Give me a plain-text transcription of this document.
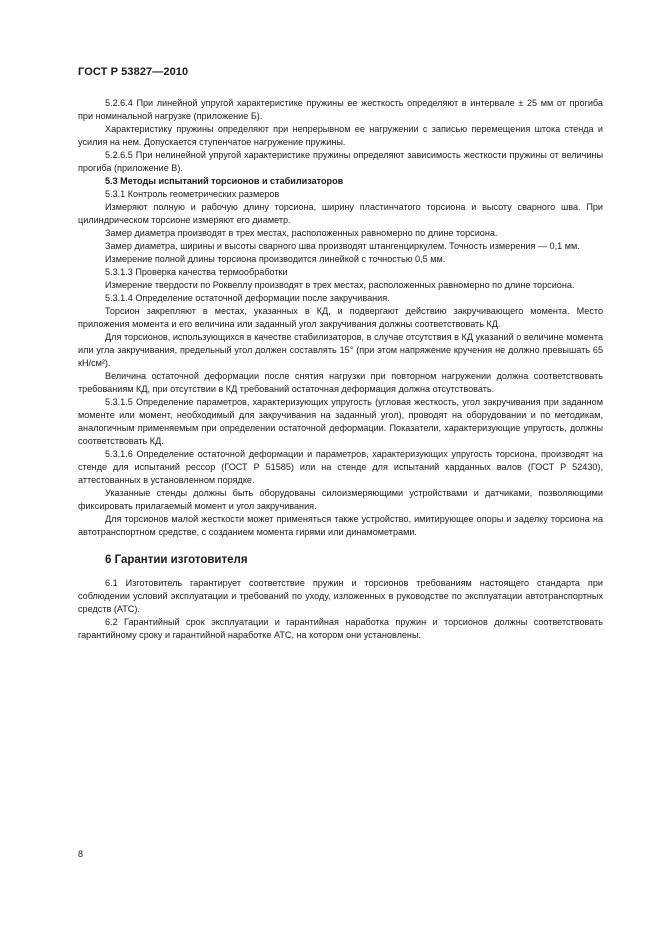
ГОСТ Р 53827—2010

5.2.6.4 При линейной упругой характеристике пружины ее жесткость определяют в интервале ± 25 мм от прогиба при номинальной нагрузке (приложение Б).

Характеристику пружины определяют при непрерывном ее нагружении с записью перемещения штока стенда и усилия на нем. Допускается ступенчатое нагружение пружины.

5.2.6.5 При нелинейной упругой характеристике пружины определяют зависимость жесткости пружины от величины прогиба (приложение В).

5.3 Методы испытаний торсионов и стабилизаторов

5.3.1 Контроль геометрических размеров

Измеряют полную и рабочую длину торсиона, ширину пластинчатого торсиона и высоту сварного шва. При цилиндрическом торсионе измеряют его диаметр.

Замер диаметра производят в трех местах, расположенных равномерно по длине торсиона.

Замер диаметра, ширины и высоты сварного шва производят штангенциркулем. Точность измерения — 0,1 мм.

Измерение полной длины торсиона производится линейкой с точностью 0,5 мм.

5.3.1.3 Проверка качества термообработки

Измерение твердости по Роквеллу производят в трех местах, расположенных равномерно по длине торсиона.

5.3.1.4 Определение остаточной деформации после закручивания.

Торсион закрепляют в местах, указанных в КД, и подвергают действию закручивающего момента. Место приложения момента и его величина или заданный угол закручивания должны соответствовать КД.

Для торсионов, использующихся в качестве стабилизаторов, в случае отсутствия в КД указаний о величине момента или угла закручивания, предельный угол должен составлять 15° (при этом напряжение кручения не должно превышать 65 кН/см²).

Величина остаточной деформации после снятия нагрузки при повторном нагружении должна соответствовать требованиям КД, при отсутствии в КД требований остаточная деформация должна отсутствовать.

5.3.1.5 Определение параметров, характеризующих упругость (угловая жесткость, угол закручивания при заданном моменте или момент, необходимый для закручивания на заданный угол), проводят на оборудовании и по методикам, аналогичным применяемым при определении остаточной деформации. Показатели, характеризующие упругость, должны соответствовать КД.

5.3.1.6 Определение остаточной деформации и параметров, характеризующих упругость торсиона, производят на стенде для испытаний рессор (ГОСТ Р 51585) или на стенде для испытаний карданных валов (ГОСТ Р 52430), аттестованных в установленном порядке.

Указанные стенды должны быть оборудованы силоизмеряющими устройствами и датчиками, позволяющими фиксировать прилагаемый момент и угол закручивания.

Для торсионов малой жесткости может применяться также устройство, имитирующее опоры и заделку торсиона на автотранспортном средстве, с созданием момента гирями или динамометрами.

6 Гарантии изготовителя

6.1 Изготовитель гарантирует соответствие пружин и торсионов требованиям настоящего стандарта при соблюдении условий эксплуатации и требований по уходу, изложенных в руководстве по эксплуатации автотранспортных средств (АТС).

6.2 Гарантийный срок эксплуатации и гарантийная наработка пружин и торсионов должны соответствовать гарантийному сроку и гарантийной наработке АТС, на котором они установлены.

8
